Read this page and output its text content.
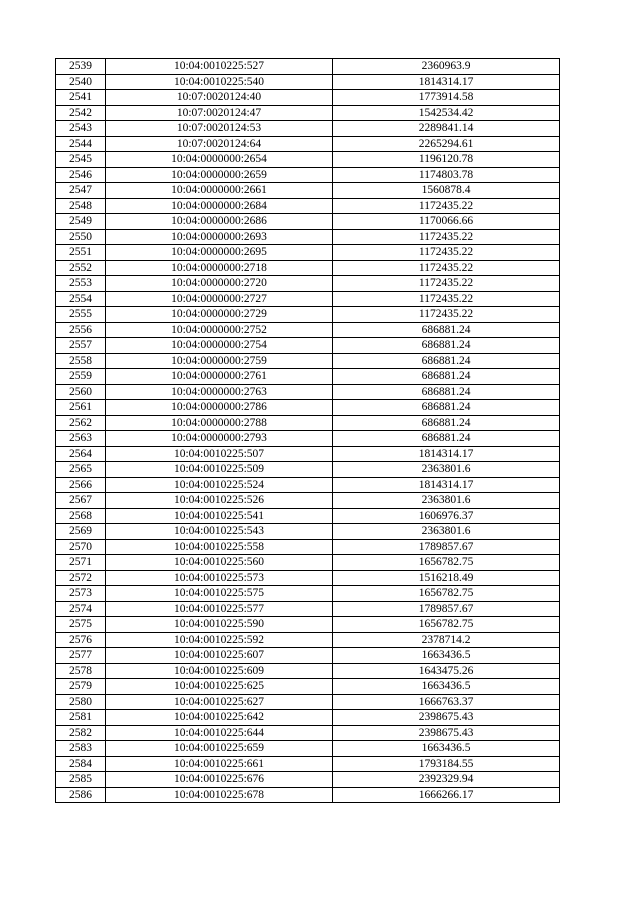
2539	10:04:0010225:527	2360963.9
2540	10:04:0010225:540	1814314.17
2541	10:07:0020124:40	1773914.58
2542	10:07:0020124:47	1542534.42
2543	10:07:0020124:53	2289841.14
2544	10:07:0020124:64	2265294.61
2545	10:04:0000000:2654	1196120.78
2546	10:04:0000000:2659	1174803.78
2547	10:04:0000000:2661	1560878.4
2548	10:04:0000000:2684	1172435.22
2549	10:04:0000000:2686	1170066.66
2550	10:04:0000000:2693	1172435.22
2551	10:04:0000000:2695	1172435.22
2552	10:04:0000000:2718	1172435.22
2553	10:04:0000000:2720	1172435.22
2554	10:04:0000000:2727	1172435.22
2555	10:04:0000000:2729	1172435.22
2556	10:04:0000000:2752	686881.24
2557	10:04:0000000:2754	686881.24
2558	10:04:0000000:2759	686881.24
2559	10:04:0000000:2761	686881.24
2560	10:04:0000000:2763	686881.24
2561	10:04:0000000:2786	686881.24
2562	10:04:0000000:2788	686881.24
2563	10:04:0000000:2793	686881.24
2564	10:04:0010225:507	1814314.17
2565	10:04:0010225:509	2363801.6
2566	10:04:0010225:524	1814314.17
2567	10:04:0010225:526	2363801.6
2568	10:04:0010225:541	1606976.37
2569	10:04:0010225:543	2363801.6
2570	10:04:0010225:558	1789857.67
2571	10:04:0010225:560	1656782.75
2572	10:04:0010225:573	1516218.49
2573	10:04:0010225:575	1656782.75
2574	10:04:0010225:577	1789857.67
2575	10:04:0010225:590	1656782.75
2576	10:04:0010225:592	2378714.2
2577	10:04:0010225:607	1663436.5
2578	10:04:0010225:609	1643475.26
2579	10:04:0010225:625	1663436.5
2580	10:04:0010225:627	1666763.37
2581	10:04:0010225:642	2398675.43
2582	10:04:0010225:644	2398675.43
2583	10:04:0010225:659	1663436.5
2584	10:04:0010225:661	1793184.55
2585	10:04:0010225:676	2392329.94
2586	10:04:0010225:678	1666266.17
